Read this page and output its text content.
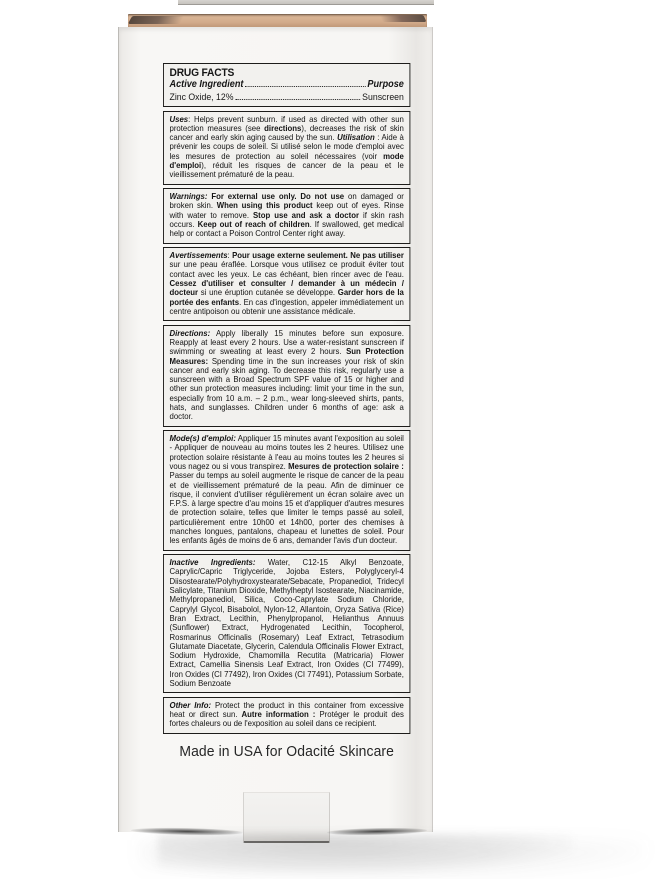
DRUG FACTS
Active Ingredient	Purpose
Zinc Oxide, 12%	Sunscreen
Uses: Helps prevent sunburn. if used as directed with other sun protection measures (see directions), decreases the risk of skin cancer and early skin aging caused by the sun. Utilisation : Aide à prévenir les coups de soleil. Si utilisé selon le mode d'emploi avec les mesures de protection au soleil nécessaires (voir mode d'emploi), réduit les risques de cancer de la peau et le vieillissement prématuré de la peau.
Warnings: For external use only. Do not use on damaged or broken skin. When using this product keep out of eyes. Rinse with water to remove. Stop use and ask a doctor if skin rash occurs. Keep out of reach of children. If swallowed, get medical help or contact a Poison Control Center right away.
Avertissements: Pour usage externe seulement. Ne pas utiliser sur une peau éraflée. Lorsque vous utilisez ce produit éviter tout contact avec les yeux. Le cas échéant, bien rincer avec de l'eau. Cessez d'utiliser et consulter / demander à un médecin / docteur si une éruption cutanée se développe. Garder hors de la portée des enfants. En cas d'ingestion, appeler immédiatement un centre antipoison ou obtenir une assistance médicale.
Directions: Apply liberally 15 minutes before sun exposure. Reapply at least every 2 hours. Use a water-resistant sunscreen if swimming or sweating at least every 2 hours. Sun Protection Measures: Spending time in the sun increases your risk of skin cancer and early skin aging. To decrease this risk, regularly use a sunscreen with a Broad Spectrum SPF value of 15 or higher and other sun protection measures including: limit your time in the sun, especially from 10 a.m. – 2 p.m., wear long-sleeved shirts, pants, hats, and sunglasses. Children under 6 months of age: ask a doctor.
Mode(s) d'emploi: Appliquer 15 minutes avant l'exposition au soleil - Appliquer de nouveau au moins toutes les 2 heures. Utilisez une protection solaire résistante à l'eau au moins toutes les 2 heures si vous nagez ou si vous transpirez. Mesures de protection solaire : Passer du temps au soleil augmente le risque de cancer de la peau et de vieillissement prématuré de la peau. Afin de diminuer ce risque, il convient d'utiliser régulièrement un écran solaire avec un F.P.S. à large spectre d'au moins 15 et d'appliquer d'autres mesures de protection solaire, telles que limiter le temps passé au soleil, particulièrement entre 10h00 et 14h00, porter des chemises à manches longues, pantalons, chapeau et lunettes de soleil. Pour les enfants âgés de moins de 6 ans, demander l'avis d'un docteur.
Inactive Ingredients: Water, C12-15 Alkyl Benzoate, Caprylic/Capric Triglyceride, Jojoba Esters, Polyglyceryl-4 Diisostearate/Polyhydroxystearate/Sebacate, Propanediol, Tridecyl Salicylate, Titanium Dioxide, Methylheptyl Isostearate, Niacinamide, Methylpropanediol, Silica, Coco-Caprylate Sodium Chloride, Caprylyl Glycol, Bisabolol, Nylon-12, Allantoin, Oryza Sativa (Rice) Bran Extract, Lecithin, Phenylpropanol, Helianthus Annuus (Sunflower) Extract, Hydrogenated Lecithin, Tocopherol, Rosmarinus Officinalis (Rosemary) Leaf Extract, Tetrasodium Glutamate Diacetate, Glycerin, Calendula Officinalis Flower Extract, Sodium Hydroxide, Chamomilla Recutita (Matricaria) Flower Extract, Camellia Sinensis Leaf Extract, Iron Oxides (CI 77499), Iron Oxides (CI 77492), Iron Oxides (CI 77491), Potassium Sorbate, Sodium Benzoate
Other Info: Protect the product in this container from excessive heat or direct sun. Autre information : Protéger le produit des fortes chaleurs ou de l'exposition au soleil dans ce recipient.
Made in USA for Odacité Skincare
